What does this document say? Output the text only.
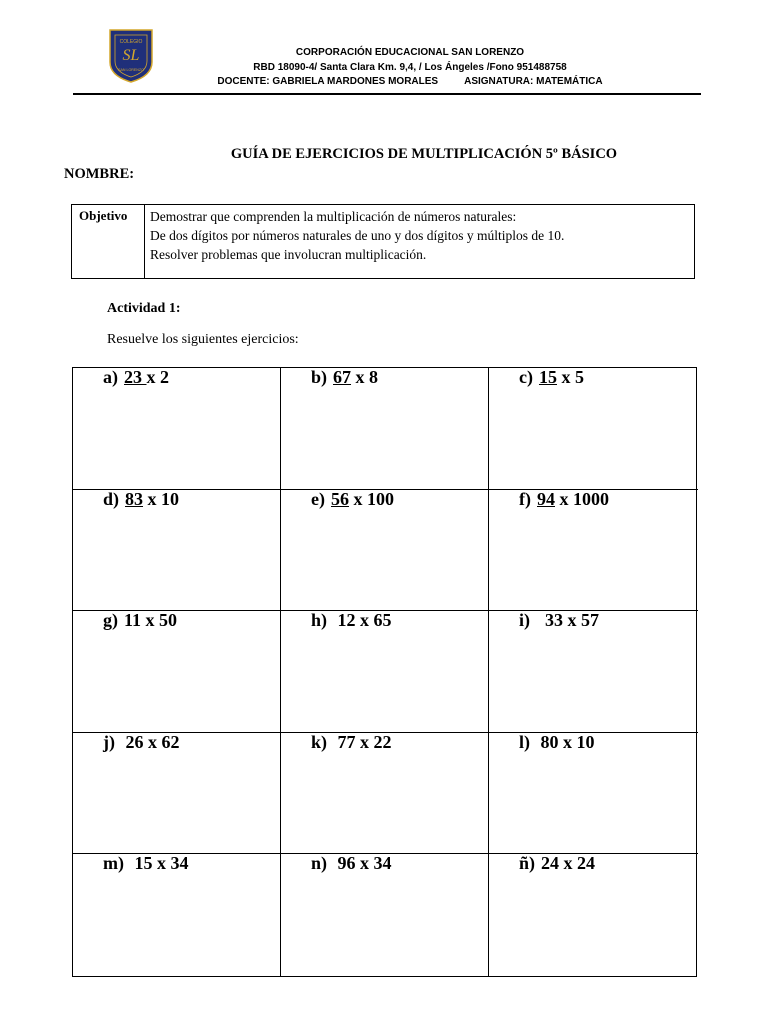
SL
COLEGIO
SAN LORENZO
CORPORACIÓN EDUCACIONAL SAN LORENZO
RBD 18090-4/ Santa Clara Km. 9,4, / Los Ángeles /Fono 951488758
DOCENTE: GABRIELA MARDONES MORALES	ASIGNATURA: MATEMÁTICA
GUÍA DE EJERCICIOS DE MULTIPLICACIÓN 5º BÁSICO
NOMBRE:
Objetivo	Demostrar que comprenden la multiplicación de números naturales:
De dos dígitos por números naturales de uno y dos dígitos y múltiplos de 10.
Resolver problemas que involucran multiplicación.
Actividad 1:
Resuelve los siguientes ejercicios:
a) 23 x 2	b) 67 x 8	c) 15 x 5
d) 83 x 10	e) 56 x 100	f) 94 x 1000
g) 11 x 50	h) 12 x 65	i)  33 x 57
j) 26 x 62	k) 77 x 22	l) 80 x 10
m) 15 x 34	n) 96 x 34	ñ) 24 x 24
